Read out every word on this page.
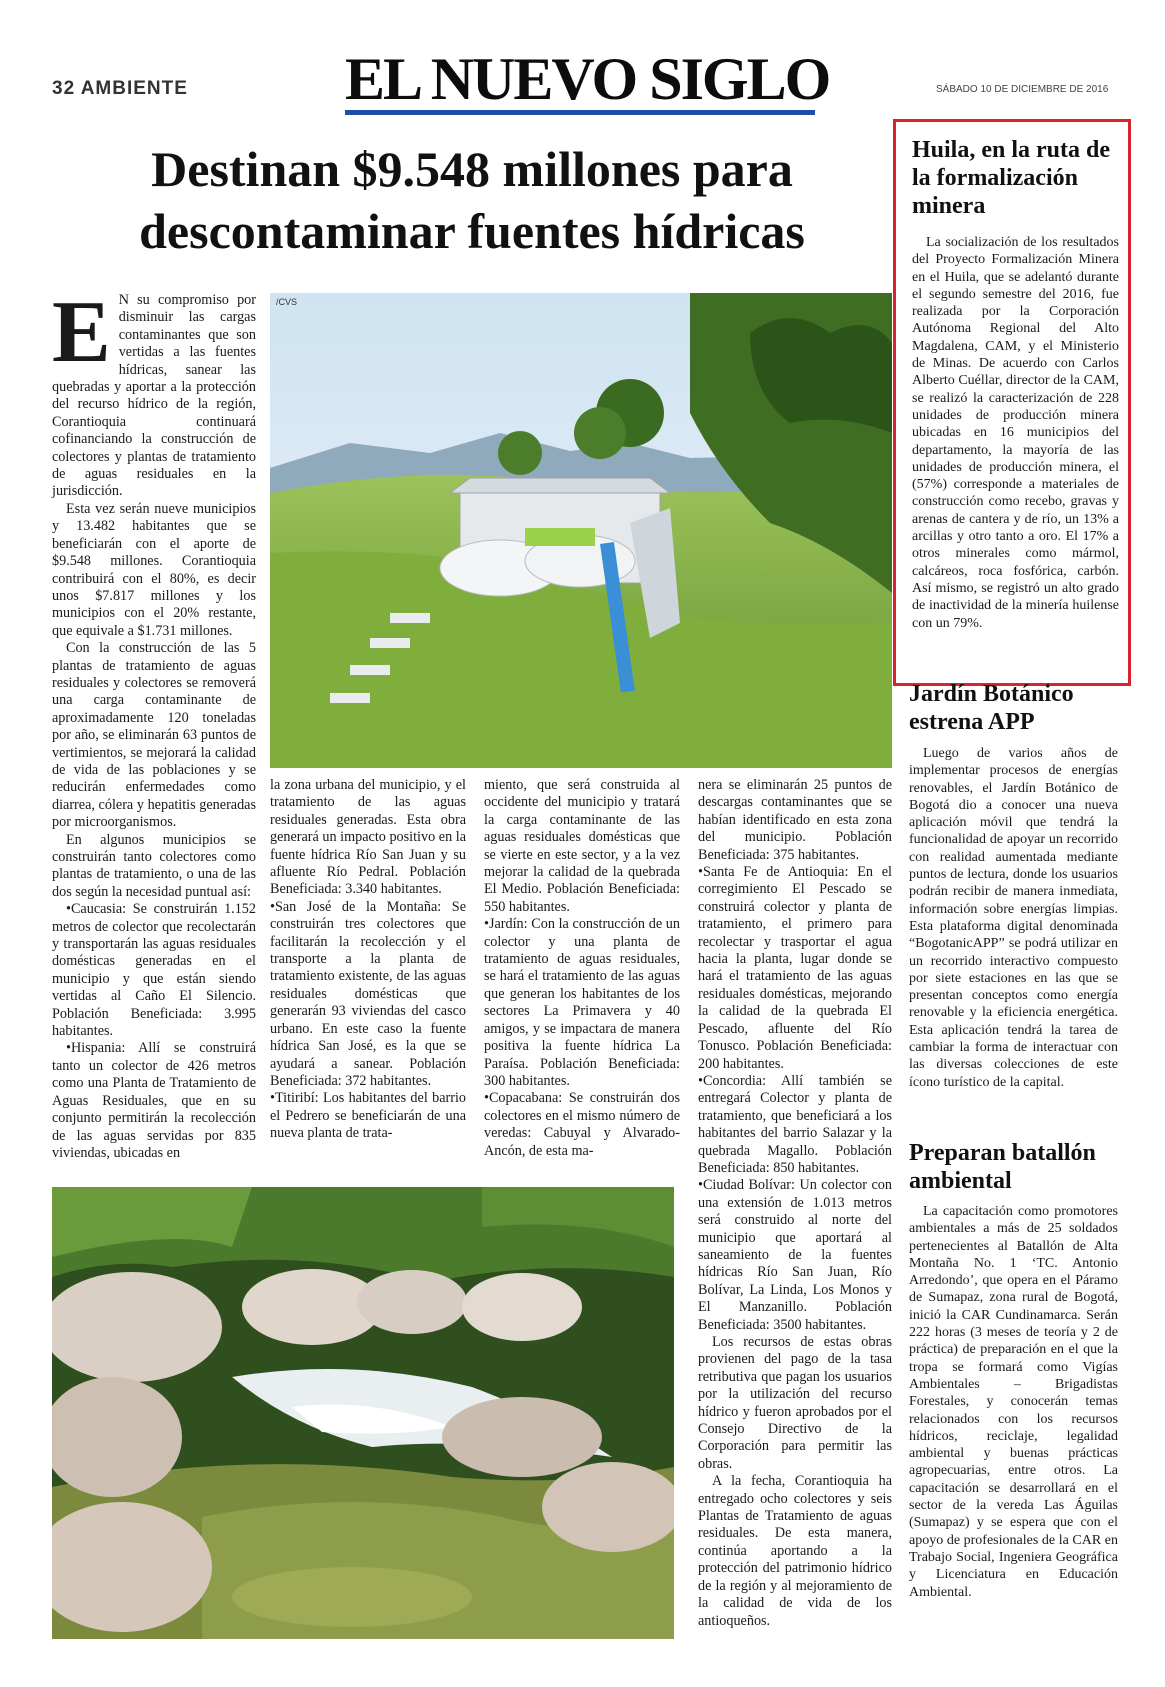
32 AMBIENTE	EL NUEVO SIGLO	SÁBADO 10 DE DICIEMBRE DE 2016
Destinan $9.548 millones para descontaminar fuentes hídricas
E N su compromiso por disminuir las cargas contaminantes que son vertidas a las fuentes hídricas, sanear las quebradas y aportar a la protección del recurso hídrico de la región, Corantioquia continuará cofinanciando la construcción de colectores y plantas de tratamiento de aguas residuales en la jurisdicción.

Esta vez serán nueve municipios y 13.482 habitantes que se beneficiarán con el aporte de $9.548 millones. Corantioquia contribuirá con el 80%, es decir unos $7.817 millones y los municipios con el 20% restante, que equivale a $1.731 millones.

Con la construcción de las 5 plantas de tratamiento de aguas residuales y colectores se removerá una carga contaminante de aproximadamente 120 toneladas por año, se eliminarán 63 puntos de vertimientos, se mejorará la calidad de vida de las poblaciones y se reducirán enfermedades como diarrea, cólera y hepatitis generadas por microorganismos.

En algunos municipios se construirán tanto colectores como plantas de tratamiento, o una de las dos según la necesidad puntual así:

•Caucasia: Se construirán 1.152 metros de colector que recolectarán y transportarán las aguas residuales domésticas generadas en el municipio y que están siendo vertidas al Caño El Silencio. Población Beneficiada: 3.995 habitantes.

•Hispania: Allí se construirá tanto un colector de 426 metros como una Planta de Tratamiento de Aguas Residuales, que en su conjunto permitirán la recolección de las aguas servidas por 835 viviendas, ubicadas en

/CVS

la zona urbana del municipio, y el tratamiento de las aguas residuales generadas. Esta obra generará un impacto positivo en la fuente hídrica Río San Juan y su afluente Río Pedral. Población Beneficiada: 3.340 habitantes.

•San José de la Montaña: Se construirán tres colectores que facilitarán la recolección y el transporte a la planta de tratamiento existente, de las aguas residuales domésticas que generarán 93 viviendas del casco urbano. En este caso la fuente hídrica San José, es la que se ayudará a sanear. Población Beneficiada: 372 habitantes.

•Titiribí: Los habitantes del barrio el Pedrero se beneficiarán de una nueva planta de trata-

miento, que será construida al occidente del municipio y tratará la carga contaminante de las aguas residuales domésticas que se vierte en este sector, y a la vez mejorar la calidad de la quebrada El Medio. Población Beneficiada: 550 habitantes.

•Jardín: Con la construcción de un colector y una planta de tratamiento de aguas residuales, se hará el tratamiento de las aguas que generan los habitantes de los sectores La Primavera y 40 amigos, y se impactara de manera positiva la fuente hídrica La Paraísa. Población Beneficiada: 300 habitantes.

•Copacabana: Se construirán dos colectores en el mismo número de veredas: Cabuyal y Alvarado-Ancón, de esta ma-

nera se eliminarán 25 puntos de descargas contaminantes que se habían identificado en esta zona del municipio. Población Beneficiada: 375 habitantes.

•Santa Fe de Antioquia: En el corregimiento El Pescado se construirá colector y planta de tratamiento, el primero para recolectar y trasportar el agua hacia la planta, lugar donde se hará el tratamiento de las aguas residuales domésticas, mejorando la calidad de la quebrada El Pescado, afluente del Río Tonusco. Población Beneficiada: 200 habitantes.

•Concordia: Allí también se entregará Colector y planta de tratamiento, que beneficiará a los habitantes del barrio Salazar y la quebrada Magallo. Población Beneficiada: 850 habitantes.

•Ciudad Bolívar: Un colector con una extensión de 1.013 metros será construido al norte del municipio que aportará al saneamiento de la fuentes hídricas Río San Juan, Río Bolívar, La Linda, Los Monos y El Manzanillo. Población Beneficiada: 3500 habitantes.

Los recursos de estas obras provienen del pago de la tasa retributiva que pagan los usuarios por la utilización del recurso hídrico y fueron aprobados por el Consejo Directivo de la Corporación para permitir las obras.

A la fecha, Corantioquia ha entregado ocho colectores y seis Plantas de Tratamiento de aguas residuales. De esta manera, continúa aportando a la protección del patrimonio hídrico de la región y al mejoramiento de la calidad de vida de los antioqueños.

Huila, en la ruta de la formalización minera

La socialización de los resultados del Proyecto Formalización Minera en el Huila, que se adelantó durante el segundo semestre del 2016, fue realizada por la Corporación Autónoma Regional del Alto Magdalena, CAM, y el Ministerio de Minas. De acuerdo con Carlos Alberto Cuéllar, director de la CAM, se realizó la caracterización de 228 unidades de producción minera ubicadas en 16 municipios del departamento, la mayoría de las unidades de producción minera, el (57%) corresponde a materiales de construcción como recebo, gravas y arenas de cantera y de río, un 13% a arcillas y otro tanto a oro. El 17% a otros minerales como mármol, calcáreos, roca fosfórica, carbón. Así mismo, se registró un alto grado de inactividad de la minería huilense con un 79%.

Jardín Botánico estrena APP

Luego de varios años de implementar procesos de energías renovables, el Jardín Botánico de Bogotá dio a conocer una nueva aplicación móvil que tendrá la funcionalidad de apoyar un recorrido con realidad aumentada mediante puntos de lectura, donde los usuarios podrán recibir de manera inmediata, información sobre energías limpias. Esta plataforma digital denominada “BogotanicAPP” se podrá utilizar en un recorrido interactivo compuesto por siete estaciones en las que se presentan conceptos como energía renovable y la eficiencia energética. Esta aplicación tendrá la tarea de cambiar la forma de interactuar con las diversas colecciones de este ícono turístico de la capital.

Preparan batallón ambiental

La capacitación como promotores ambientales a más de 25 soldados pertenecientes al Batallón de Alta Montaña No. 1 ‘TC. Antonio Arredondo’, que opera en el Páramo de Sumapaz, zona rural de Bogotá, inició la CAR Cundinamarca. Serán 222 horas (3 meses de teoría y 2 de práctica) de preparación en el que la tropa se formará como Vigías Ambientales – Brigadistas Forestales, y conocerán temas relacionados con los recursos hídricos, reciclaje, legalidad ambiental y buenas prácticas agropecuarias, entre otros. La capacitación se desarrollará en el sector de la vereda Las Águilas (Sumapaz) y se espera que con el apoyo de profesionales de la CAR en Trabajo Social, Ingeniera Geográfica y Licenciatura en Educación Ambiental.
